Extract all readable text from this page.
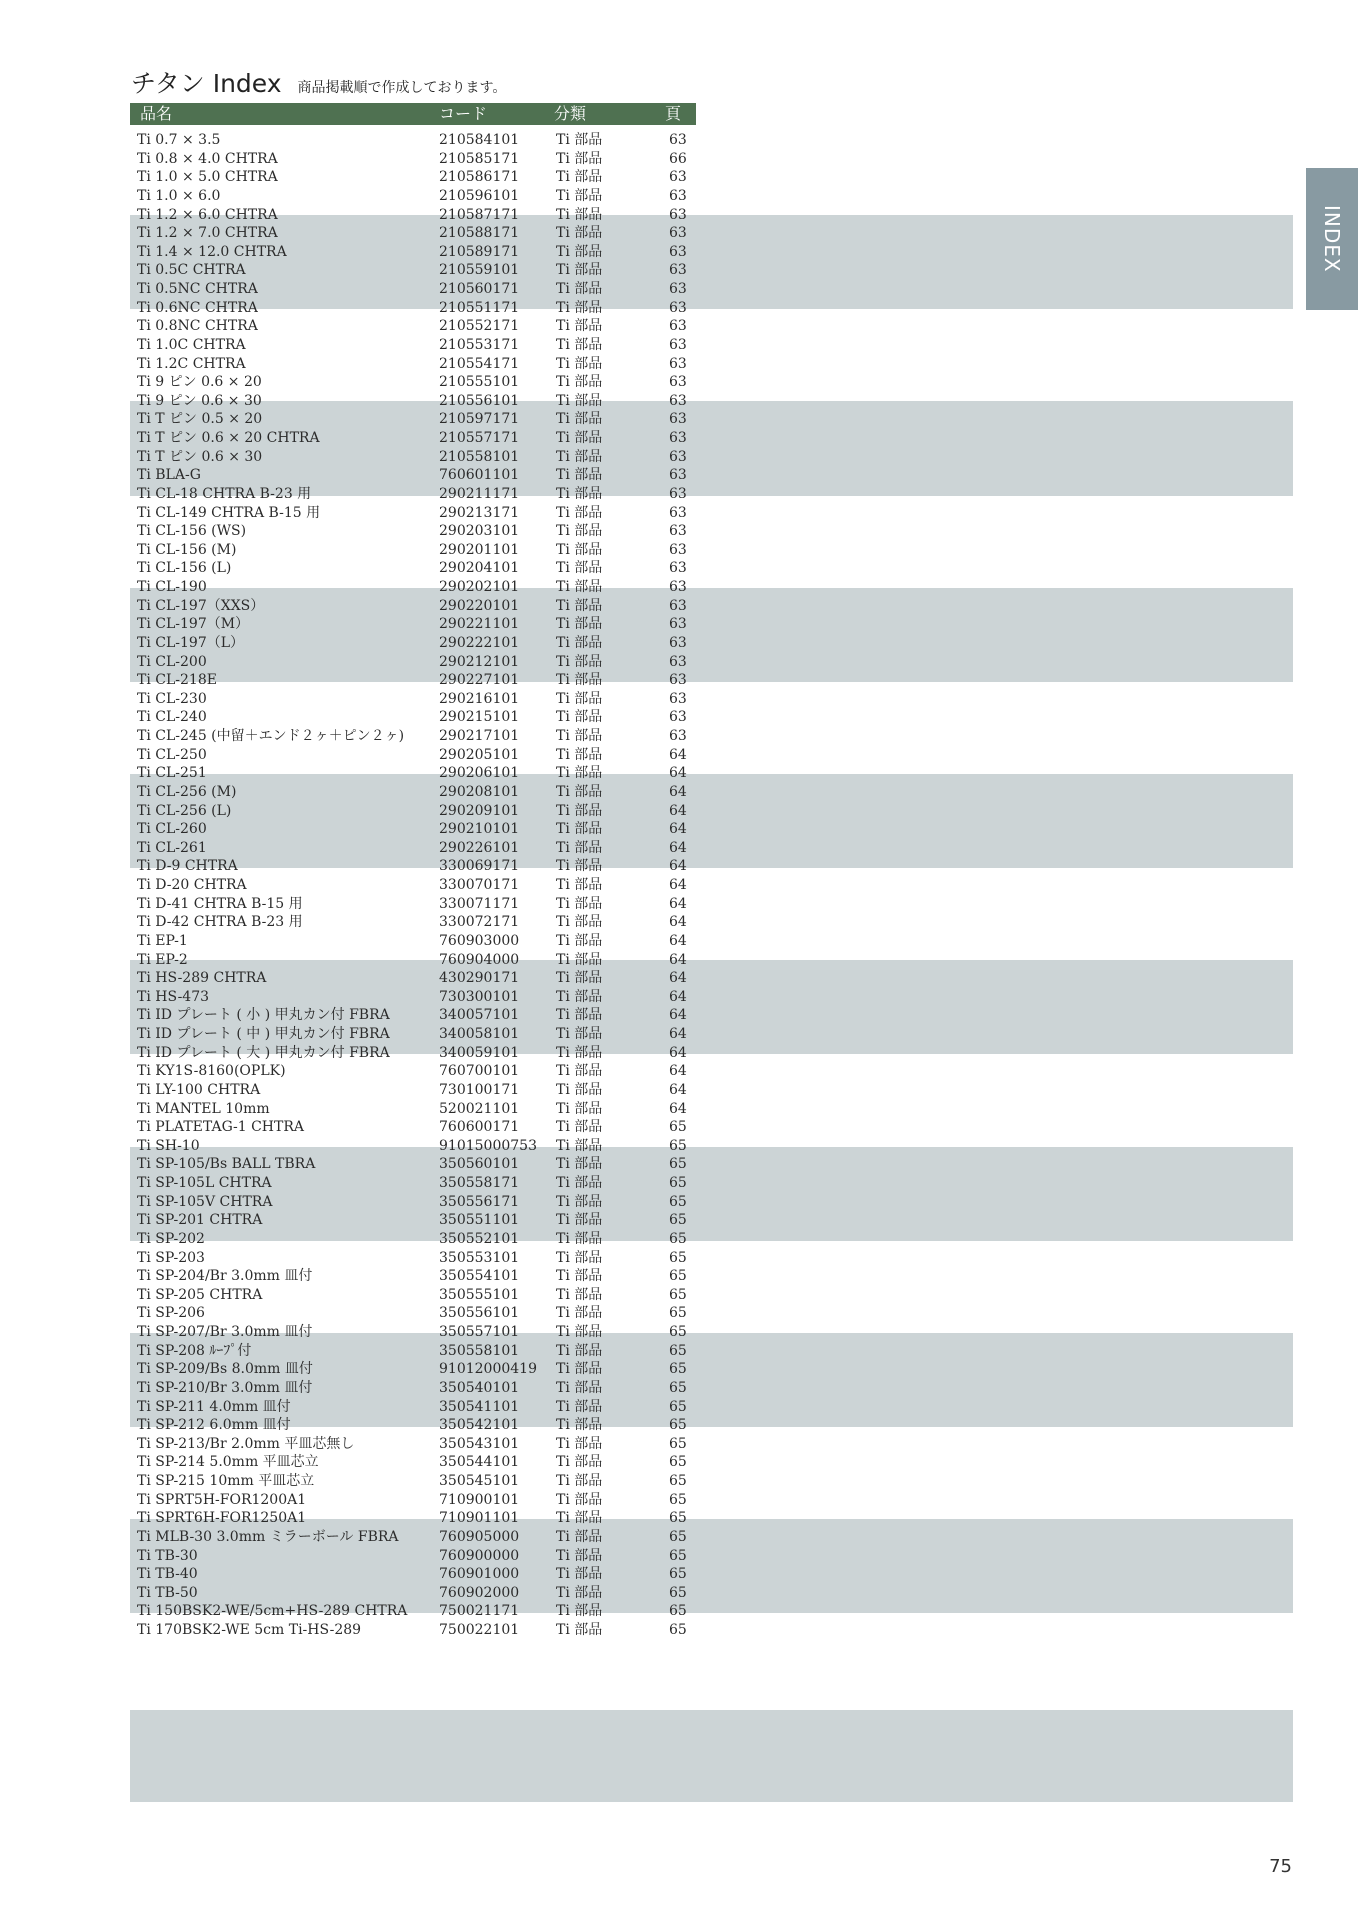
チタン Index 商品掲載順で作成しております。
品名	コード	分類	頁
Ti 0.7 × 3.5	210584101	Ti 部品	63
Ti 0.8 × 4.0 CHTRA	210585171	Ti 部品	66
Ti 1.0 × 5.0 CHTRA	210586171	Ti 部品	63
Ti 1.0 × 6.0	210596101	Ti 部品	63
Ti 1.2 × 6.0 CHTRA	210587171	Ti 部品	63
Ti 1.2 × 7.0 CHTRA	210588171	Ti 部品	63
Ti 1.4 × 12.0 CHTRA	210589171	Ti 部品	63
Ti 0.5C CHTRA	210559101	Ti 部品	63
Ti 0.5NC CHTRA	210560171	Ti 部品	63
Ti 0.6NC CHTRA	210551171	Ti 部品	63
Ti 0.8NC CHTRA	210552171	Ti 部品	63
Ti 1.0C CHTRA	210553171	Ti 部品	63
Ti 1.2C CHTRA	210554171	Ti 部品	63
Ti 9 ピン 0.6 × 20	210555101	Ti 部品	63
Ti 9 ピン 0.6 × 30	210556101	Ti 部品	63
Ti T ピン 0.5 × 20	210597171	Ti 部品	63
Ti T ピン 0.6 × 20 CHTRA	210557171	Ti 部品	63
Ti T ピン 0.6 × 30	210558101	Ti 部品	63
Ti BLA-G	760601101	Ti 部品	63
Ti CL-18 CHTRA B-23 用	290211171	Ti 部品	63
Ti CL-149 CHTRA B-15 用	290213171	Ti 部品	63
Ti CL-156 (WS)	290203101	Ti 部品	63
Ti CL-156 (M)	290201101	Ti 部品	63
Ti CL-156 (L)	290204101	Ti 部品	63
Ti CL-190	290202101	Ti 部品	63
Ti CL-197（XXS）	290220101	Ti 部品	63
Ti CL-197（M）	290221101	Ti 部品	63
Ti CL-197（L）	290222101	Ti 部品	63
Ti CL-200	290212101	Ti 部品	63
Ti CL-218E	290227101	Ti 部品	63
Ti CL-230	290216101	Ti 部品	63
Ti CL-240	290215101	Ti 部品	63
Ti CL-245 (中留＋エンド２ヶ＋ピン２ヶ) 290217101	Ti 部品	63
Ti CL-250	290205101	Ti 部品	64
Ti CL-251	290206101	Ti 部品	64
Ti CL-256 (M)	290208101	Ti 部品	64
Ti CL-256 (L)	290209101	Ti 部品	64
Ti CL-260	290210101	Ti 部品	64
Ti CL-261	290226101	Ti 部品	64
Ti D-9 CHTRA	330069171	Ti 部品	64
Ti D-20 CHTRA	330070171	Ti 部品	64
Ti D-41 CHTRA B-15 用	330071171	Ti 部品	64
Ti D-42 CHTRA B-23 用	330072171	Ti 部品	64
Ti EP-1	760903000	Ti 部品	64
Ti EP-2	760904000	Ti 部品	64
Ti HS-289 CHTRA	430290171	Ti 部品	64
Ti HS-473	730300101	Ti 部品	64
Ti ID プレート ( 小 ) 甲丸カン付 FBRA	340057101	Ti 部品	64
Ti ID プレート ( 中 ) 甲丸カン付 FBRA	340058101	Ti 部品	64
Ti ID プレート ( 大 ) 甲丸カン付 FBRA	340059101	Ti 部品	64
Ti KY1S-8160(OPLK)	760700101	Ti 部品	64
Ti LY-100 CHTRA	730100171	Ti 部品	64
Ti MANTEL 10mm	520021101	Ti 部品	64
Ti PLATETAG-1 CHTRA	760600171	Ti 部品	65
Ti SH-10	91015000753 Ti 部品	65
Ti SP-105/Bs BALL TBRA	350560101	Ti 部品	65
Ti SP-105L CHTRA	350558171	Ti 部品	65
Ti SP-105V CHTRA	350556171	Ti 部品	65
Ti SP-201 CHTRA	350551101	Ti 部品	65
Ti SP-202	350552101	Ti 部品	65
Ti SP-203	350553101	Ti 部品	65
Ti SP-204/Br 3.0mm 皿付	350554101	Ti 部品	65
Ti SP-205 CHTRA	350555101	Ti 部品	65
Ti SP-206	350556101	Ti 部品	65
Ti SP-207/Br 3.0mm 皿付	350557101	Ti 部品	65
Ti SP-208 ﾙｰﾌﾟ付	350558101	Ti 部品	65
Ti SP-209/Bs 8.0mm 皿付	91012000419 Ti 部品	65
Ti SP-210/Br 3.0mm 皿付	350540101	Ti 部品	65
Ti SP-211 4.0mm 皿付	350541101	Ti 部品	65
Ti SP-212 6.0mm 皿付	350542101	Ti 部品	65
Ti SP-213/Br 2.0mm 平皿芯無し	350543101	Ti 部品	65
Ti SP-214 5.0mm 平皿芯立	350544101	Ti 部品	65
Ti SP-215 10mm 平皿芯立	350545101	Ti 部品	65
Ti SPRT5H-FOR1200A1	710900101	Ti 部品	65
Ti SPRT6H-FOR1250A1	710901101	Ti 部品	65
Ti MLB-30 3.0mm ミラーボール FBRA	760905000	Ti 部品	65
Ti TB-30	760900000	Ti 部品	65
Ti TB-40	760901000	Ti 部品	65
Ti TB-50	760902000	Ti 部品	65
Ti 150BSK2-WE/5cm+HS-289 CHTRA 750021171	Ti 部品	65
Ti 170BSK2-WE 5cm Ti-HS-289	750022101	Ti 部品	65
INDEX
75
